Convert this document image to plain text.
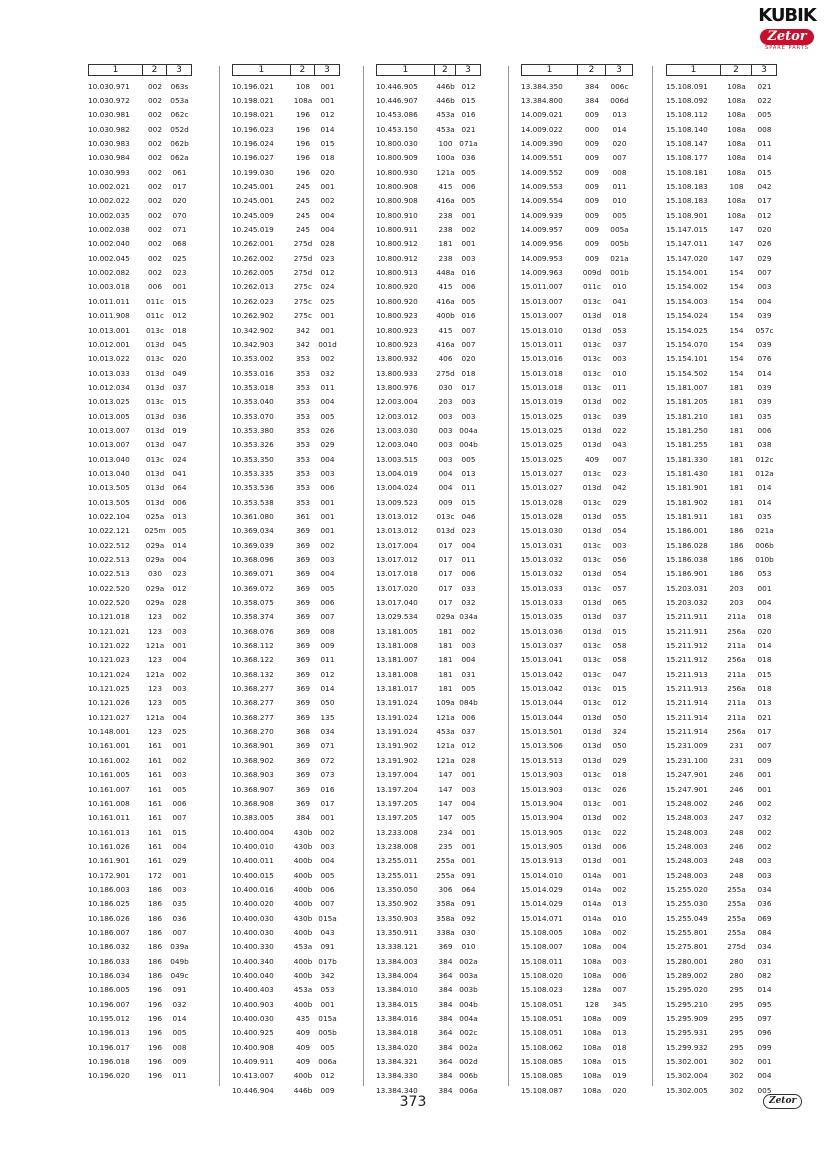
KUBIK
Zetor
SPARE PARTS
1	2	3
10.030.971	002	063s
10.030.972	002	053a
10.030.981	002	062c
10.030.982	002	052d
10.030.983	002	062b
10.030.984	002	062a
10.030.993	002	061
10.002.021	002	017
10.002.022	002	020
10.002.035	002	070
10.002.038	002	071
10.002.040	002	068
10.002.045	002	025
10.002.082	002	023
10.003.018	006	001
10.011.011	011c	015
10.011.908	011c	012
10.013.001	013c	018
10.012.001	013d	045
10.013.022	013c	020
10.013.033	013d	049
10.012.034	013d	037
10.013.025	013c	015
10.013.005	013d	036
10.013.007	013d	019
10.013.007	013d	047
10.013.040	013c	024
10.013.040	013d	041
10.013.505	013d	064
10.013.505	013d	006
10.022.104	025a	013
10.022.121	025m 005
10.022.512	029a	014
10.022.513	029a	004
10.022.513	030	023
10.022.520	029a	012
10.022.520	029a	028
10.121.018	123	002
10.121.021	123	003
10.121.022	121a	001
10.121.023	123	004
10.121.024	121a	002
10.121.025	123	003
10.121.026	123	005
10.121.027	121a	004
10.148.001	123	025
10.161.001	161	001
10.161.002	161	002
10.161.005	161	003
10.161.007	161	005
10.161.008	161	006
10.161.011	161	007
10.161.013	161	015
10.161.026	161	004
10.161.901	161	029
10.172.901	172	001
10.186.003	186	003
10.186.025	186	035
10.186.026	186	036
10.186.007	186	007
10.186.032	186	039a
10.186.033	186	049b
10.186.034	186	049c
10.186.005	196	091
10.196.007	196	032
10.195.012	196	014
10.196.013	196	005
10.196.017	196	008
10.196.018	196	009
10.196.020	196	011
1	2	3
10.196.021	108	001
10.198.021	108a	001
10.198.021	196	012
10.196.023	196	014
10.196.024	196	015
10.196.027	196	018
10.199.030	196	020
10.245.001	245	001
10.245.001	245	002
10.245.009	245	004
10.245.019	245	004
10.262.001	275d	028
10.262.002	275d	023
10.262.005	275d	012
10.262.013	275c	024
10.262.023	275c	025
10.262.902	275c	001
10.342.902	342	001
10.342.903	342	001d
10.353.002	353	002
10.353.016	353	032
10.353.018	353	011
10.353.040	353	004
10.353.070	353	005
10.353.380	353	026
10.353.326	353	029
10.353.350	353	004
10.353.335	353	003
10.353.536	353	006
10.353.538	353	001
10.361.080	361	001
10.369.034	369	001
10.369.039	369	002
10.368.096	369	003
10.369.071	369	004
10.369.072	369	005
10.358.075	369	006
10.358.374	369	007
10.368.076	369	008
10.368.112	369	009
10.368.122	369	011
10.368.132	369	012
10.368.277	369	014
10.368.277	369	050
10.368.277	369	135
10.368.270	368	034
10.368.901	369	071
10.368.902	369	072
10.368.903	369	073
10.368.907	369	016
10.368.908	369	017
10.383.005	384	001
10.400.004	430b	002
10.400.010	430b	003
10.400.011	400b	004
10.400.015	400b	005
10.400.016	400b	006
10.400.020	400b	007
10.400.030	430b 015a
10.400.030	400b	043
10.400.330	453a	091
10.400.340	400b 017b
10.400.040	400b	342
10.400.403	453a	053
10.400.903	400b	001
10.400.030	435	015a
10.400.925	409	005b
10.400.908	409	005
10.409.911	409	006a
10.413.007	400b	012
10.446.904	446b	009
1	2	3
10.446.905	446b 012
10.446.907	446b 015
10.453.086	453a 016
10.453.150	453a 021
10.800.030	100 071a
10.800.909	100a 036
10.800.930	121a 005
10.800.908	415	006
10.800.908	416a 005
10.800.910	238	001
10.800.911	238	002
10.800.912	181	001
10.800.912	238	003
10.800.913	448a 016
10.800.920	415	006
10.800.920	416a 005
10.800.923	400b 016
10.800.923	415	007
10.800.923	416a 007
13.800.932	406	020
13.800.933	275d 018
13.800.976	030	017
12.003.004	203	003
12.003.012	003	003
13.003.030	003 004a
12.003.040	003 004b
13.003.515	003	005
13.004.019	004	013
13.004.024	004	011
13.009.523	009	015
13.013.012	013c 046
13.013.012	013d 023
13.017.004	017	004
13.017.012	017	011
13.017.018	017	006
13.017.020	017	033
13.017.040	017	032
13.029.534	029a 034a
13.181.005	181	002
13.181.008	181	003
13.181.007	181	004
13.181.008	181	031
13.181.017	181	005
13.191.024	109a 084b
13.191.024	121a 006
13.191.024	453a 037
13.191.902	121a 012
13.191.902	121a 028
13.197.004	147	001
13.197.204	147	003
13.197.205	147	004
13.197.205	147	005
13.233.008	234	001
13.238.008	235	001
13.255.011	255a 001
13.255.011	255a 091
13.350.050	306	064
13.350.902	358a 091
13.350.903	358a 092
13.350.911	338a 030
13.338.121	369	010
13.384.003	384 002a
13.384.004	364 003a
13.384.010	384 003b
13.384.015	384 004b
13.384.016	384 004a
13.384.018	364 002c
13.384.020	384 002a
13.384.321	364 002d
13.384.330	384 006b
13.384.340	384 006a
1	2	3
13.384.350	384	006c
13.384.800	384	006d
14.009.021	009	013
14.009.022	000	014
14.009.390	009	020
14.009.551	009	007
14.009.552	009	008
14.009.553	009	011
14.009.554	009	010
14.009.939	009	005
14.009.957	009	005a
14.009.956	009	005b
14.009.953	009	021a
14.009.963	009d	001b
15.011.007	011c	010
15.013.007	013c	041
15.013.007	013d	018
15.013.010	013d	053
15.013.011	013c	037
15.013.016	013c	003
15.013.018	013c	010
15.013.018	013c	011
15.013.019	013d	002
15.013.025	013c	039
15.013.025	013d	022
15.013.025	013d	043
15.013.025	409	007
15.013.027	013c	023
15.013.027	013d	042
15.013.028	013c	029
15.013.028	013d	055
15.013.030	013d	054
15.013.031	013c	003
15.013.032	013c	056
15.013.032	013d	054
15.013.033	013c	057
15.013.033	013d	065
15.013.035	013d	037
15.013.036	013d	015
15.013.037	013c	058
15.013.041	013c	058
15.013.042	013c	047
15.013.042	013c	015
15.013.044	013c	012
15.013.044	013d	050
15.013.501	013d	324
15.013.506	013d	050
15.013.513	013d	029
15.013.903	013c	018
15.013.903	013c	026
15.013.904	013c	001
15.013.904	013d	002
15.013.905	013c	022
15.013.905	013d	006
15.013.913	013d	001
15.014.010	014a	001
15.014.029	014a	002
15.014.029	014a	013
15.014.071	014a	010
15.108.005	108a	002
15.108.007	108a	004
15.108.011	108a	003
15.108.020	108a	006
15.108.023	128a	007
15.108.051	128	345
15.108.051	108a	009
15.108.051	108a	013
15.108.062	108a	018
15.108.085	108a	015
15.108.085	108a	019
15.108.087	108a	020
1	2	3
15.108.091	108a	021
15.108.092	108a	022
15.108.112	108a	005
15.108.140	108a	008
15.108.147	108a	011
15.108.177	108a	014
15.108.181	108a	015
15.108.183	108	042
15.108.183	108a	017
15.108.901	108a	012
15.147.015	147	020
15.147.011	147	026
15.147.020	147	029
15.154.001	154	007
15.154.002	154	003
15.154.003	154	004
15.154.024	154	039
15.154.025	154	057c
15.154.070	154	039
15.154.101	154	076
15.154.502	154	014
15.181.007	181	039
15.181.205	181	039
15.181.210	181	035
15.181.250	181	006
15.181.255	181	038
15.181.330	181	012c
15.181.430	181	012a
15.181.901	181	014
15.181.902	181	014
15.181.911	181	035
15.186.001	186	021a
15.186.028	186	006b
15.186.038	186	010b
15.186.901	186	053
15.203.031	203	001
15.203.032	203	004
15.211.911	211a	018
15.211.911	256a	020
15.211.912	211a	014
15.211.912	256a	018
15.211.913	211a	015
15.211.913	256a	018
15.211.914	211a	013
15.211.914	211a	021
15.211.914	256a	017
15.231.009	231	007
15.231.100	231	009
15.247.901	246	001
15.247.901	246	001
15.248.002	246	002
15.248.003	247	032
15.248.003	248	002
15.248.003	246	002
15.248.003	248	003
15.248.003	248	003
15.255.020	255a	034
15.255.030	255a	036
15.255.049	255a	069
15.255.801	255a	084
15.275.801	275d	034
15.280.001	280	031
15.289.002	280	082
15.295.020	295	014
15.295.210	295	095
15.295.909	295	097
15.295.931	295	096
15.299.932	295	099
15.302.001	302	001
15.302.004	302	004
15.302.005	302	005
373	Zetor
